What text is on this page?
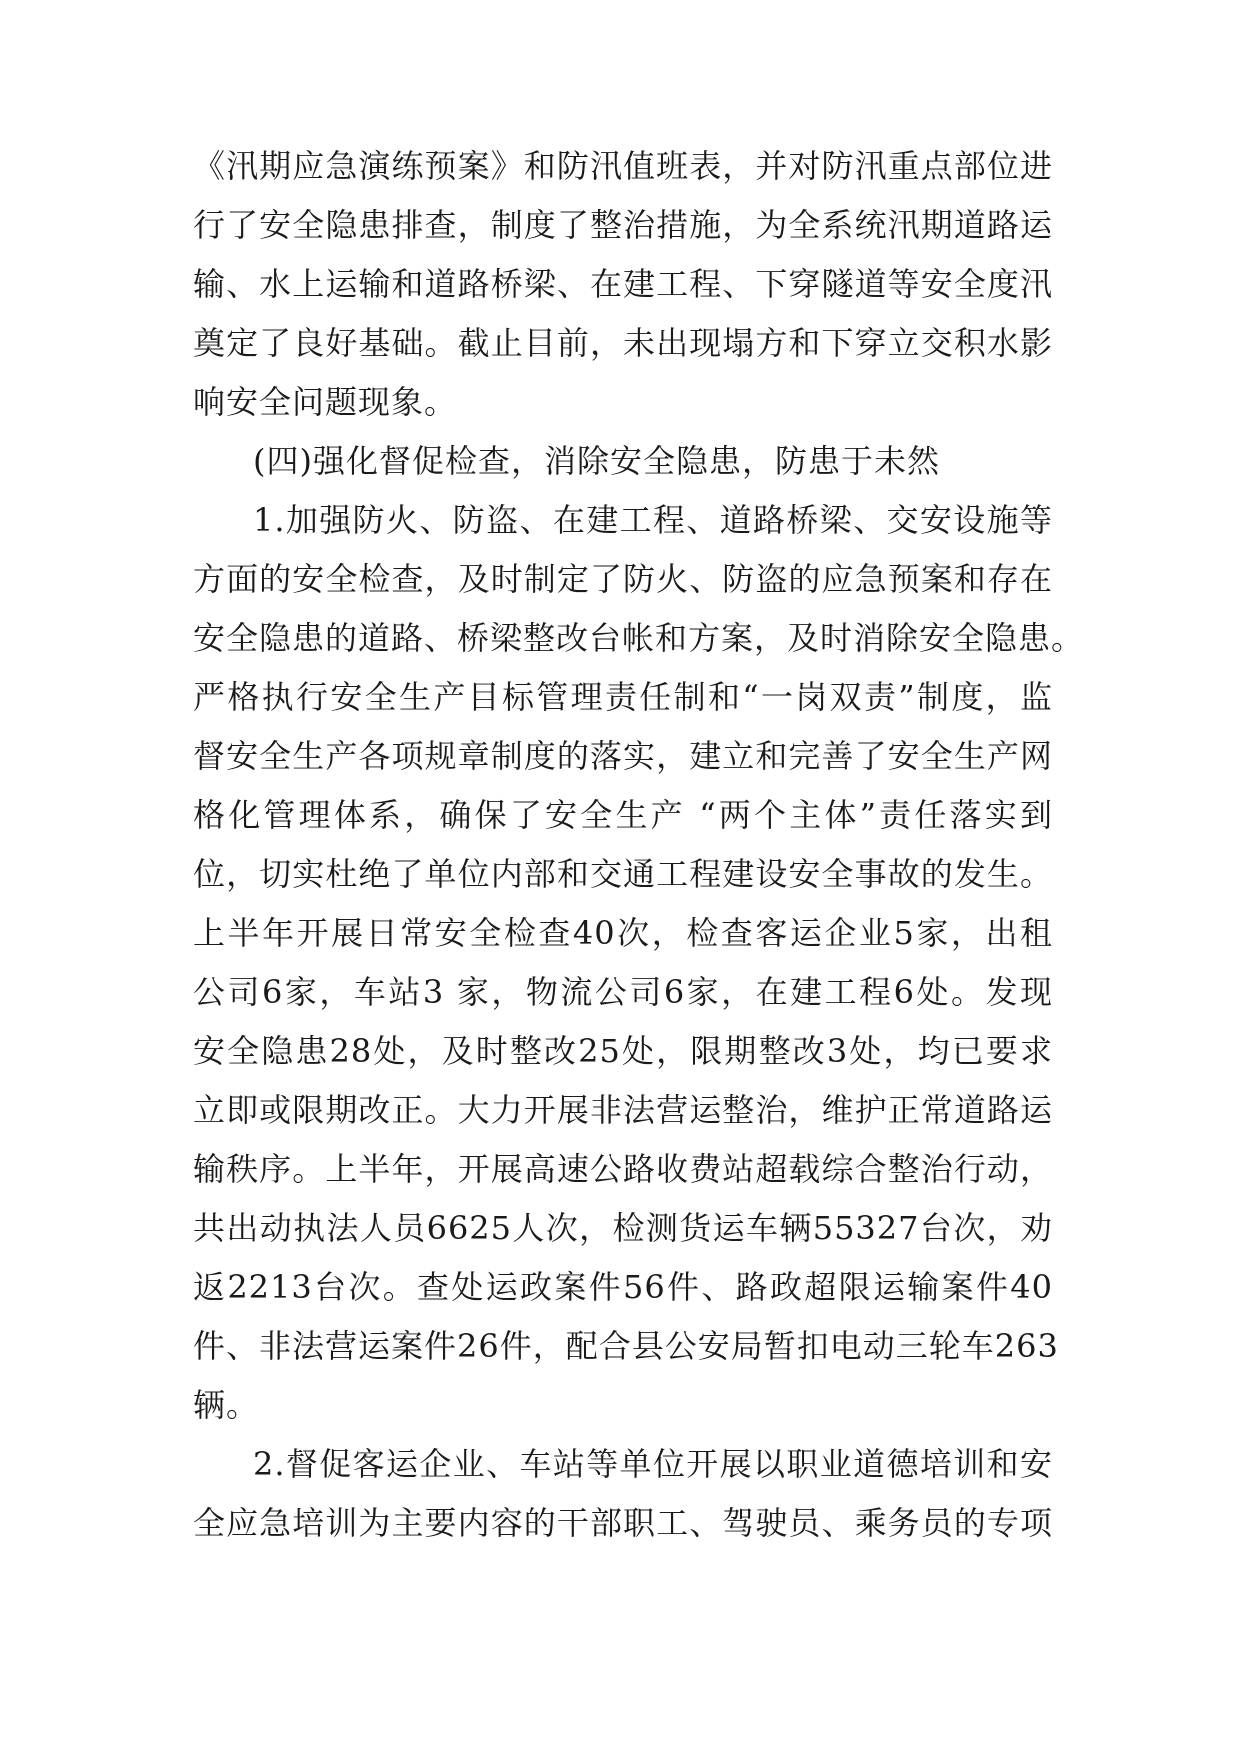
《汛期应急演练预案》和防汛值班表，并对防汛重点部位进
行了安全隐患排查，制度了整治措施，为全系统汛期道路运
输、水上运输和道路桥梁、在建工程、下穿隧道等安全度汛
奠定了良好基础。截止目前，未出现塌方和下穿立交积水影
响安全问题现象。
(四)强化督促检查，消除安全隐患，防患于未然
1.加强防火、防盗、在建工程、道路桥梁、交安设施等
方面的安全检查，及时制定了防火、防盗的应急预案和存在
安全隐患的道路、桥梁整改台帐和方案，及时消除安全隐患。
严格执行安全生产目标管理责任制和“一岗双责”制度，监
督安全生产各项规章制度的落实，建立和完善了安全生产网
格化管理体系，确保了安全生产 “两个主体”责任落实到
位，切实杜绝了单位内部和交通工程建设安全事故的发生。
上半年开展日常安全检查40次，检查客运企业5家，出租
公司6家，车站3 家，物流公司6家，在建工程6处。发现
安全隐患28处，及时整改25处，限期整改3处，均已要求
立即或限期改正。大力开展非法营运整治，维护正常道路运
输秩序。上半年，开展高速公路收费站超载综合整治行动，
共出动执法人员6625人次，检测货运车辆55327台次，劝
返2213台次。查处运政案件56件、路政超限运输案件40
件、非法营运案件26件，配合县公安局暂扣电动三轮车263
辆。
2.督促客运企业、车站等单位开展以职业道德培训和安
全应急培训为主要内容的干部职工、驾驶员、乘务员的专项
